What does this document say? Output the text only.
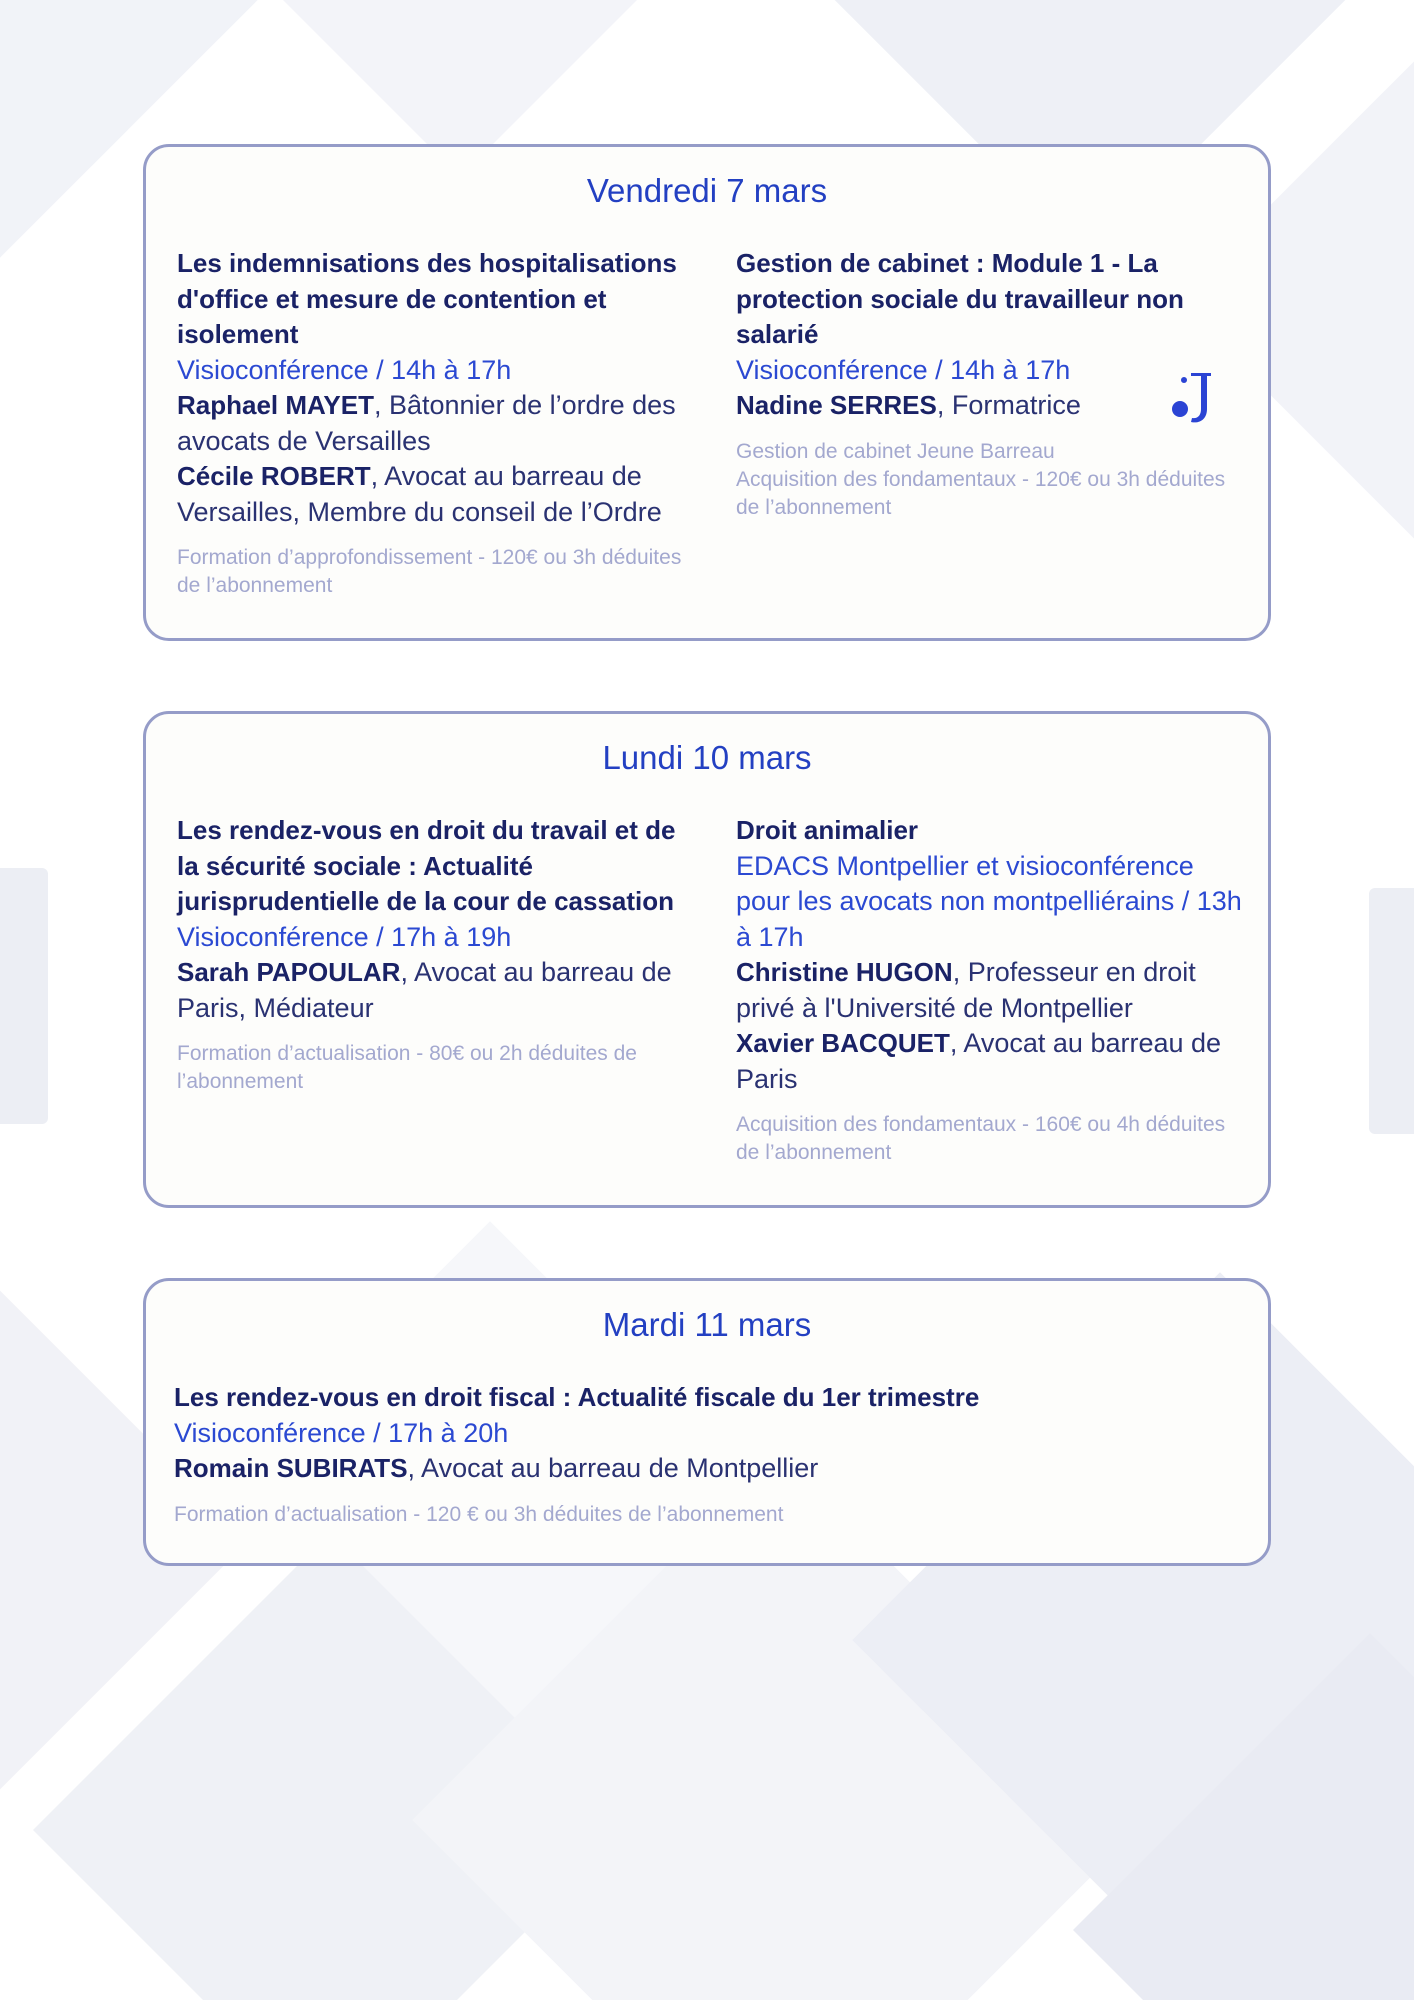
Vendredi 7 mars
Les indemnisations des hospitalisations d'office et mesure de contention et isolement
Visioconférence / 14h à 17h
Raphael MAYET, Bâtonnier de l’ordre des avocats de Versailles
Cécile ROBERT, Avocat au barreau de Versailles, Membre du conseil de l’Ordre
Formation d’approfondissement - 120€ ou 3h déduites de l’abonnement
Gestion de cabinet : Module 1 - La protection sociale du travailleur non salarié
Visioconférence / 14h à 17h
Nadine SERRES, Formatrice
Gestion de cabinet Jeune Barreau
Acquisition des fondamentaux - 120€ ou 3h déduites de l’abonnement
Lundi 10 mars
Les rendez-vous en droit du travail et de la sécurité sociale : Actualité jurisprudentielle de la cour de cassation
Visioconférence / 17h à 19h
Sarah PAPOULAR, Avocat au barreau de Paris, Médiateur
Formation d’actualisation - 80€ ou 2h déduites de l’abonnement
Droit animalier
EDACS Montpellier et visioconférence pour les avocats non montpelliérains / 13h à 17h
Christine HUGON, Professeur en droit privé à l'Université de Montpellier
Xavier BACQUET, Avocat au barreau de Paris
Acquisition des fondamentaux - 160€ ou 4h déduites de l’abonnement
Mardi 11 mars
Les rendez-vous en droit fiscal : Actualité fiscale du 1er trimestre
Visioconférence / 17h à 20h
Romain SUBIRATS, Avocat au barreau de Montpellier
Formation d’actualisation - 120 € ou 3h déduites de l’abonnement
